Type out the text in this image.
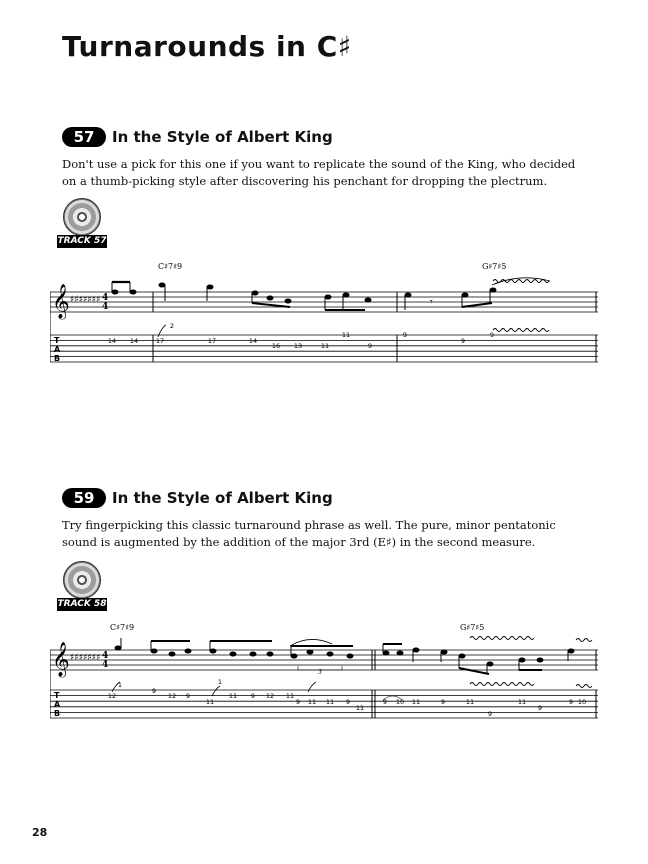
Turnarounds in C♯
57	In the Style of Albert King

Don't use a pick for this one if you want to replicate the sound of the King, who decided on a thumb-picking style after discovering his penchant for dropping the plectrum.

TRACK 57
𝄞 ♯♯♯♯♯♯♯ 4
4
T
A
B
C♯7♯9	G♯7♯5
𝄾
14 14
2
17	17	14
16 13	11
11
9
9
9
9
59	In the Style of Albert King

Try fingerpicking this classic turnaround phrase as well. The pure, minor pentatonic sound is augmented by the addition of the major 3rd (E♯) in the second measure.

TRACK 58
𝄞 ♯♯♯♯♯♯♯ 4
4
T
A
B
C♯7♯9	G♯7♯5
3
1
12
9
12 9
11
1
11 9 12 11
9 11 11 9
11
9 10 11	9	11
9
11
9
9 10
28
